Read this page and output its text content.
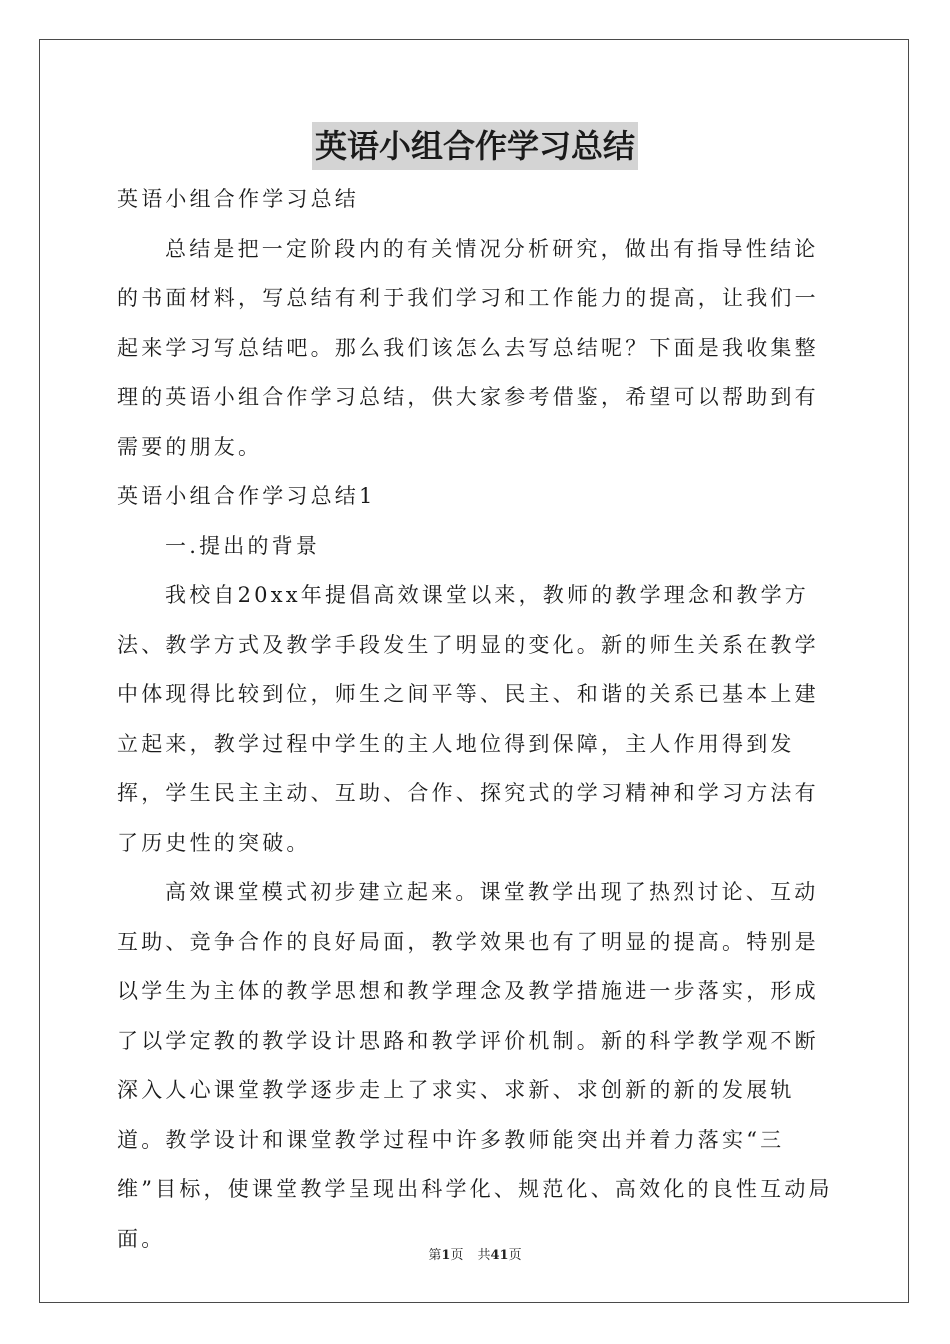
英语小组合作学习总结

英语小组合作学习总结

总结是把一定阶段内的有关情况分析研究，做出有指导性结论的书面材料，写总结有利于我们学习和工作能力的提高，让我们一起来学习写总结吧。那么我们该怎么去写总结呢？下面是我收集整理的英语小组合作学习总结，供大家参考借鉴，希望可以帮助到有需要的朋友。

英语小组合作学习总结1

一.提出的背景

我校自20xx年提倡高效课堂以来，教师的教学理念和教学方法、教学方式及教学手段发生了明显的变化。新的师生关系在教学中体现得比较到位，师生之间平等、民主、和谐的关系已基本上建立起来，教学过程中学生的主人地位得到保障，主人作用得到发挥，学生民主主动、互助、合作、探究式的学习精神和学习方法有了历史性的突破。

高效课堂模式初步建立起来。课堂教学出现了热烈讨论、互动互助、竞争合作的良好局面，教学效果也有了明显的提高。特别是以学生为主体的教学思想和教学理念及教学措施进一步落实，形成了以学定教的教学设计思路和教学评价机制。新的科学教学观不断深入人心课堂教学逐步走上了求实、求新、求创新的新的发展轨道。教学设计和课堂教学过程中许多教师能突出并着力落实“三维”目标，使课堂教学呈现出科学化、规范化、高效化的良性互动局面。

第1页 共41页
